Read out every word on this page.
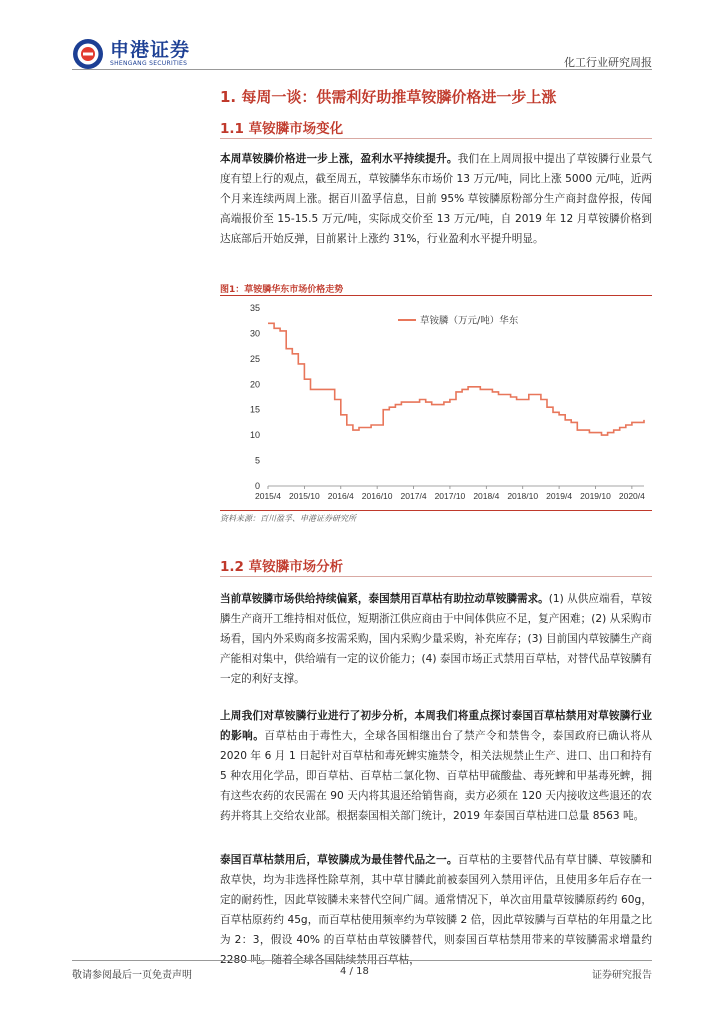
申港证券
SHENGANG SECURITIES	化工行业研究周报
1. 每周一谈：供需利好助推草铵膦价格进一步上涨
1.1 草铵膦市场变化

本周草铵膦价格进一步上涨，盈利水平持续提升。我们在上周周报中提出了草铵膦行业景气度有望上行的观点，截至周五，草铵膦华东市场价 13 万元/吨，同比上涨 5000 元/吨，近两个月来连续两周上涨。据百川盈孚信息，目前 95% 草铵膦原粉部分生产商封盘停报，传闻高端报价至 15-15.5 万元/吨，实际成交价至 13 万元/吨，自 2019 年 12 月草铵膦价格到达底部后开始反弹，目前累计上涨约 31%，行业盈利水平提升明显。

图1：草铵膦华东市场价格走势
0
5
10
15
20
25
30
35
2015/4 2015/10 2016/4 2016/10 2017/4 2017/10 2018/4 2018/10 2019/4 2019/10 2020/4
草铵膦（万元/吨）华东
资料来源：百川盈孚、申港证券研究所
1.2 草铵膦市场分析

当前草铵膦市场供给持续偏紧，泰国禁用百草枯有助拉动草铵膦需求。(1) 从供应端看，草铵膦生产商开工维持相对低位，短期浙江供应商由于中间体供应不足，复产困难；(2) 从采购市场看，国内外采购商多按需采购，国内采购少量采购，补充库存；(3) 目前国内草铵膦生产商产能相对集中，供给端有一定的议价能力；(4) 泰国市场正式禁用百草枯，对替代品草铵膦有一定的利好支撑。

上周我们对草铵膦行业进行了初步分析，本周我们将重点探讨泰国百草枯禁用对草铵膦行业的影响。百草枯由于毒性大，全球各国相继出台了禁产令和禁售令，泰国政府已确认将从 2020 年 6 月 1 日起针对百草枯和毒死蜱实施禁令，相关法规禁止生产、进口、出口和持有 5 种农用化学品，即百草枯、百草枯二氯化物、百草枯甲硫酸盐、毒死蜱和甲基毒死蜱，拥有这些农药的农民需在 90 天内将其退还给销售商，卖方必须在 120 天内接收这些退还的农药并将其上交给农业部。根据泰国相关部门统计，2019 年泰国百草枯进口总量 8563 吨。

泰国百草枯禁用后，草铵膦成为最佳替代品之一。百草枯的主要替代品有草甘膦、草铵膦和敌草快，均为非选择性除草剂，其中草甘膦此前被泰国列入禁用评估，且使用多年后存在一定的耐药性，因此草铵膦未来替代空间广阔。通常情况下，单次亩用量草铵膦原药约 60g，百草枯原药约 45g，而百草枯使用频率约为草铵膦 2 倍，因此草铵膦与百草枯的年用量之比为 2：3，假设 40% 的百草枯由草铵膦替代，则泰国百草枯禁用带来的草铵膦需求增量约 2280 吨。随着全球各国陆续禁用百草枯，

敬请参阅最后一页免责声明	4 / 18	证券研究报告
